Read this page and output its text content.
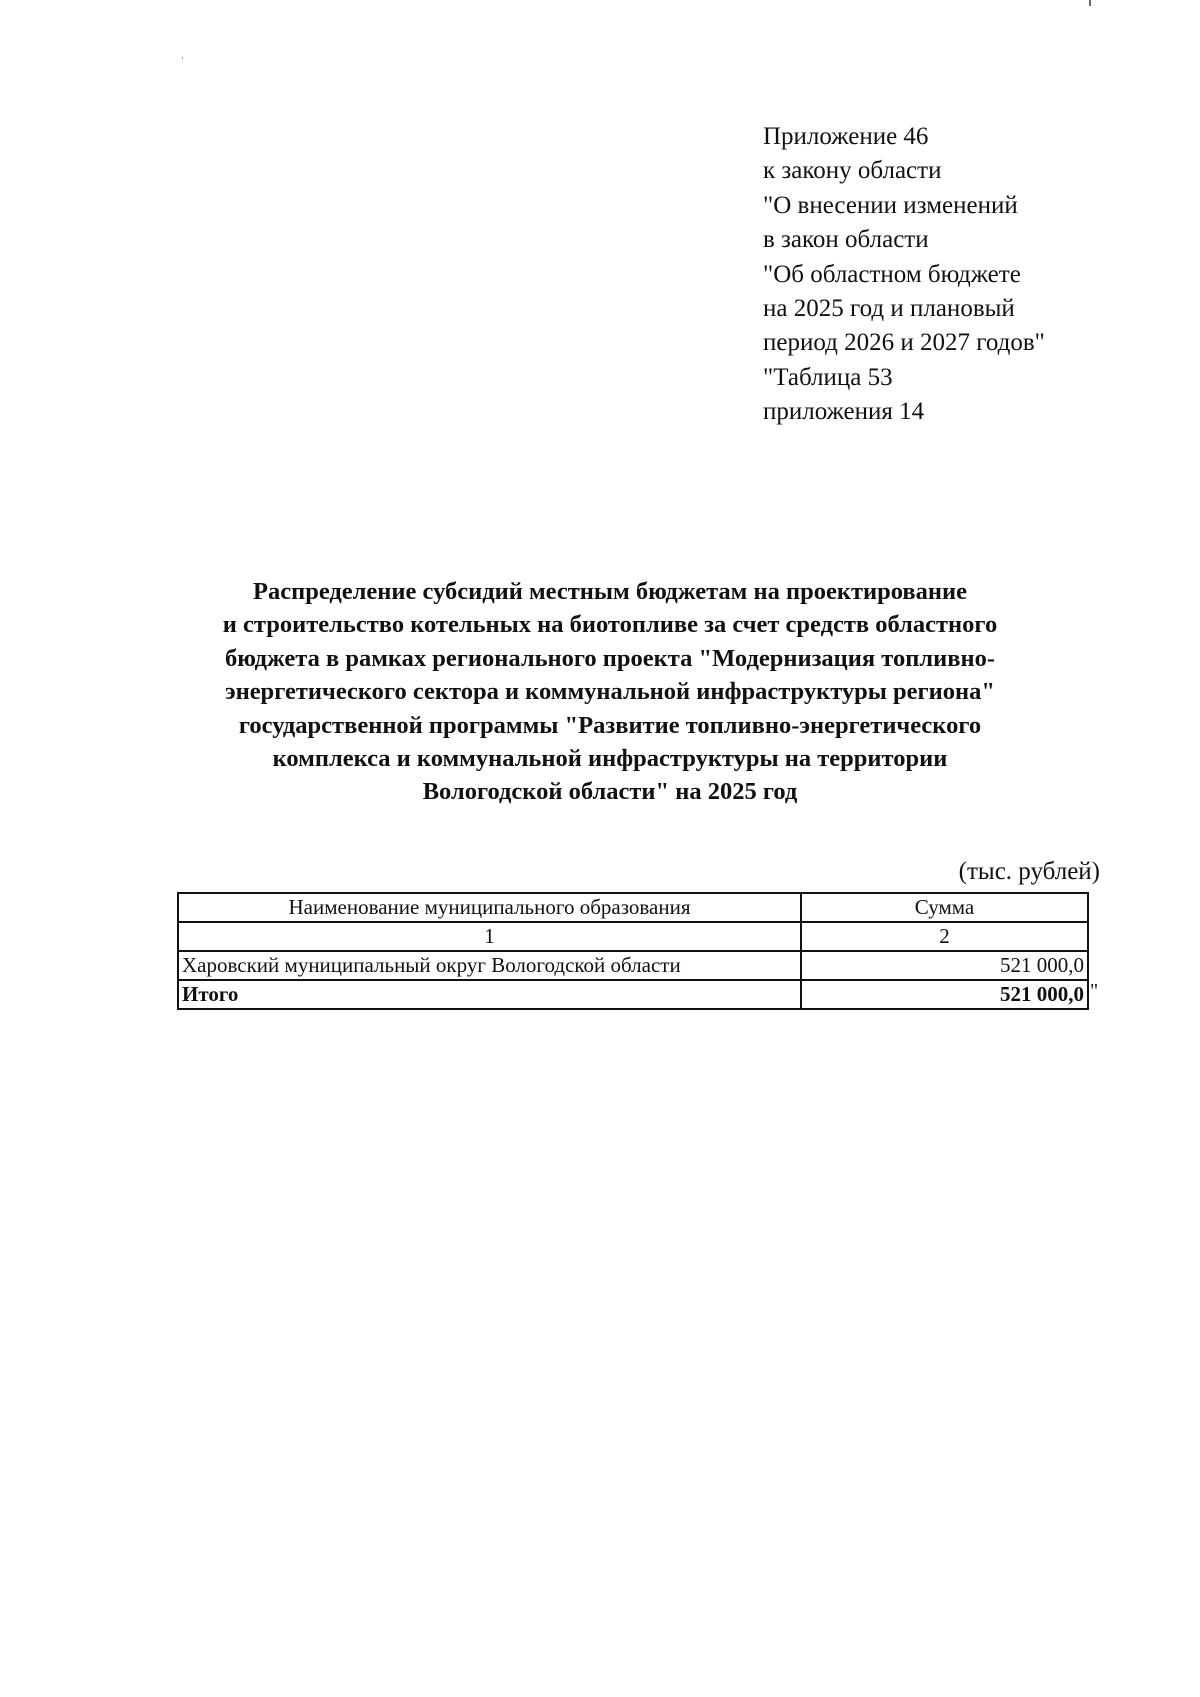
Приложение 46
к закону области
"О внесении изменений
в закон области
"Об областном бюджете
на 2025 год и плановый
период 2026 и 2027 годов"
"Таблица 53
приложения 14
Распределение субсидий местным бюджетам на проектирование
и строительство котельных на биотопливе за счет средств областного
бюджета в рамках регионального проекта "Модернизация топливно-
энергетического сектора и коммунальной инфраструктуры региона"
государственной программы "Развитие топливно-энергетического
комплекса и коммунальной инфраструктуры на территории
Вологодской области" на 2025 год
(тыс. рублей)
Наименование муниципального образования	Сумма
1	2
Харовский муниципальный округ Вологодской области	521 000,0
Итого	521 000,0 "
